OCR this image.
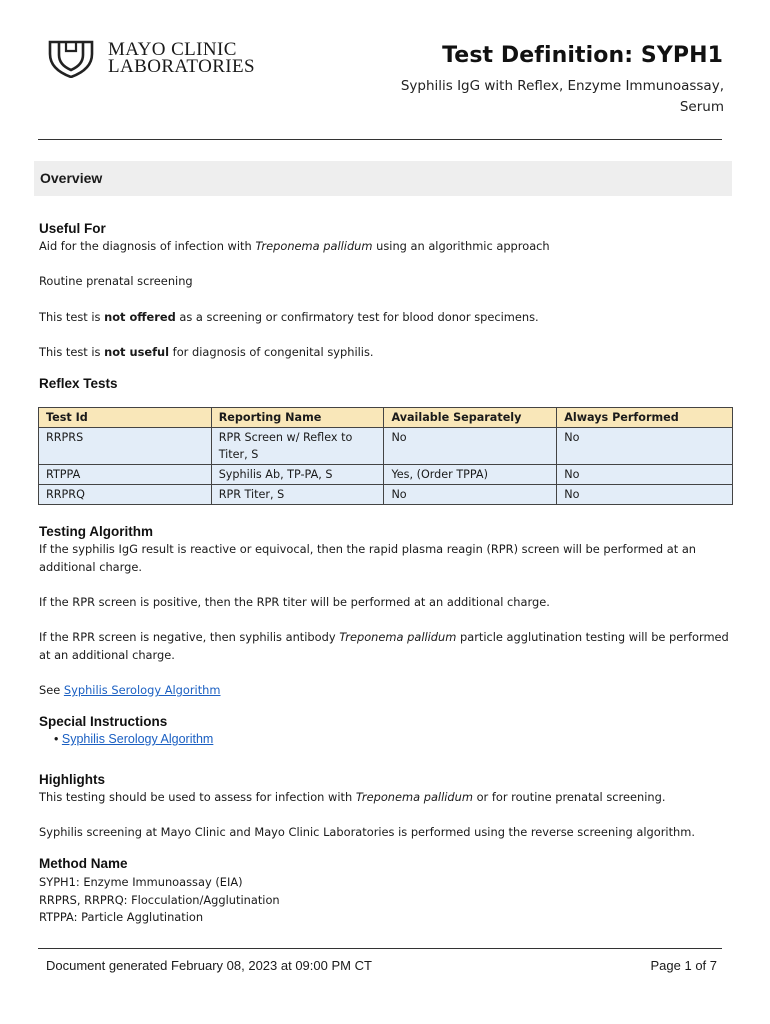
MAYO CLINIC
LABORATORIES	Test Definition: SYPH1
Syphilis IgG with Reflex, Enzyme Immunoassay,
Serum
Overview
Useful For
Aid for the diagnosis of infection with Treponema pallidum using an algorithmic approach
Routine prenatal screening
This test is not offered as a screening or confirmatory test for blood donor specimens.
This test is not useful for diagnosis of congenital syphilis.
Reflex Tests
Test Id	Reporting Name	Available Separately	Always Performed
RRPRS	RPR Screen w/ Reflex to Titer, S	No	No
RTPPA	Syphilis Ab, TP-PA, S	Yes, (Order TPPA)	No
RRPRQ	RPR Titer, S	No	No
Testing Algorithm
If the syphilis IgG result is reactive or equivocal, then the rapid plasma reagin (RPR) screen will be performed at an additional charge.
If the RPR screen is positive, then the RPR titer will be performed at an additional charge.
If the RPR screen is negative, then syphilis antibody Treponema pallidum particle agglutination testing will be performed at an additional charge.
See Syphilis Serology Algorithm
Special Instructions
• Syphilis Serology Algorithm
Highlights
This testing should be used to assess for infection with Treponema pallidum or for routine prenatal screening.
Syphilis screening at Mayo Clinic and Mayo Clinic Laboratories is performed using the reverse screening algorithm.
Method Name
SYPH1: Enzyme Immunoassay (EIA)
RRPRS, RRPRQ: Flocculation/Agglutination
RTPPA: Particle Agglutination
Document generated February 08, 2023 at 09:00 PM CT	Page 1 of 7
